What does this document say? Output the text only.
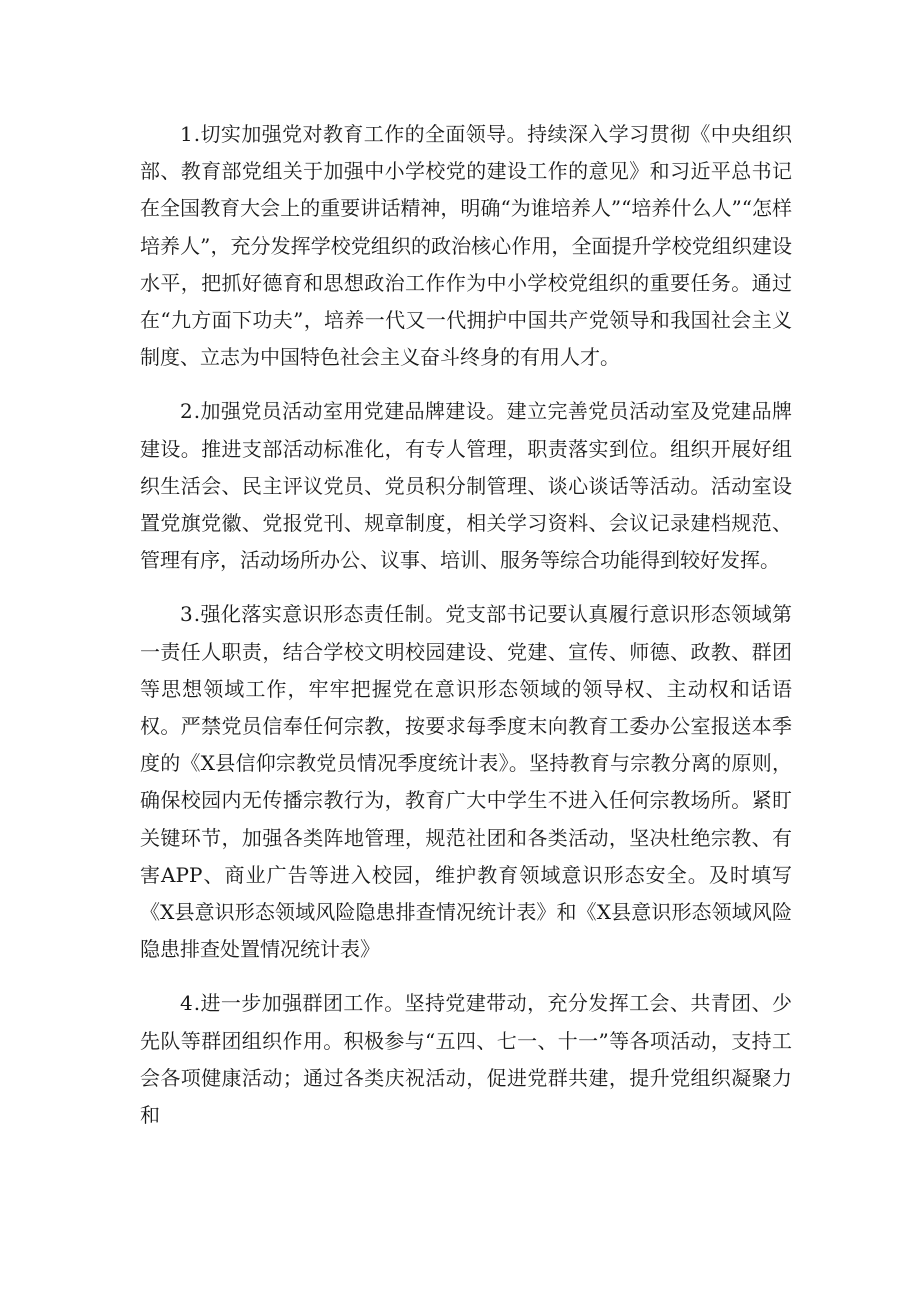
1.切实加强党对教育工作的全面领导。持续深入学习贯彻《中央组织部、教育部党组关于加强中小学校党的建设工作的意见》和习近平总书记在全国教育大会上的重要讲话精神，明确“为谁培养人”“培养什么人”“怎样培养人”，充分发挥学校党组织的政治核心作用，全面提升学校党组织建设水平，把抓好德育和思想政治工作作为中小学校党组织的重要任务。通过在“九方面下功夫”，培养一代又一代拥护中国共产党领导和我国社会主义制度、立志为中国特色社会主义奋斗终身的有用人才。

2.加强党员活动室用党建品牌建设。建立完善党员活动室及党建品牌建设。推进支部活动标准化，有专人管理，职责落实到位。组织开展好组织生活会、民主评议党员、党员积分制管理、谈心谈话等活动。活动室设置党旗党徽、党报党刊、规章制度，相关学习资料、会议记录建档规范、管理有序，活动场所办公、议事、培训、服务等综合功能得到较好发挥。

3.强化落实意识形态责任制。党支部书记要认真履行意识形态领域第一责任人职责，结合学校文明校园建设、党建、宣传、师德、政教、群团等思想领域工作，牢牢把握党在意识形态领域的领导权、主动权和话语权。严禁党员信奉任何宗教，按要求每季度末向教育工委办公室报送本季度的《X县信仰宗教党员情况季度统计表》。坚持教育与宗教分离的原则，确保校园内无传播宗教行为，教育广大中学生不进入任何宗教场所。紧盯关键环节，加强各类阵地管理，规范社团和各类活动，坚决杜绝宗教、有害APP、商业广告等进入校园，维护教育领域意识形态安全。及时填写《X县意识形态领域风险隐患排查情况统计表》和《X县意识形态领域风险隐患排查处置情况统计表》

4.进一步加强群团工作。坚持党建带动，充分发挥工会、共青团、少先队等群团组织作用。积极参与“五四、七一、十一”等各项活动，支持工会各项健康活动；通过各类庆祝活动，促进党群共建，提升党组织凝聚力和
